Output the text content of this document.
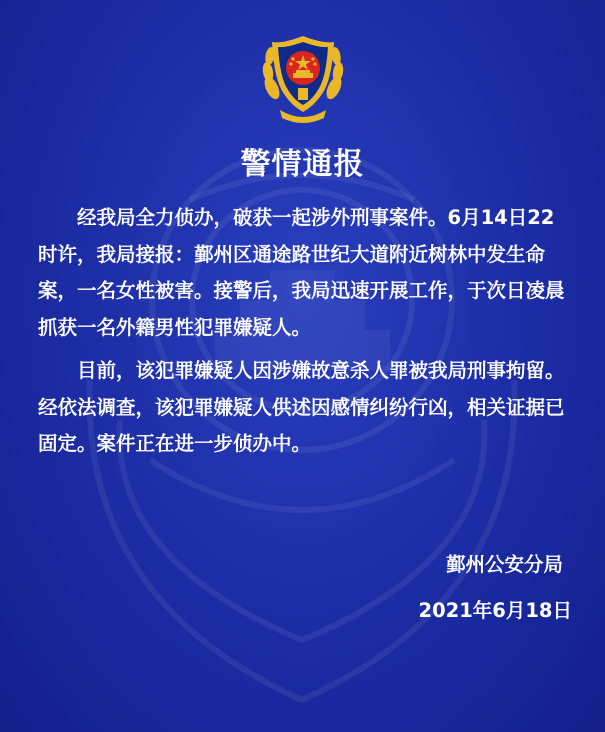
警情通报

经我局全力侦办，破获一起涉外刑事案件。6月14日22时许，我局接报：鄞州区通途路世纪大道附近树林中发生命案，一名女性被害。接警后，我局迅速开展工作，于次日凌晨抓获一名外籍男性犯罪嫌疑人。

目前，该犯罪嫌疑人因涉嫌故意杀人罪被我局刑事拘留。经依法调查，该犯罪嫌疑人供述因感情纠纷行凶，相关证据已固定。案件正在进一步侦办中。

鄞州公安分局
2021年6月18日
